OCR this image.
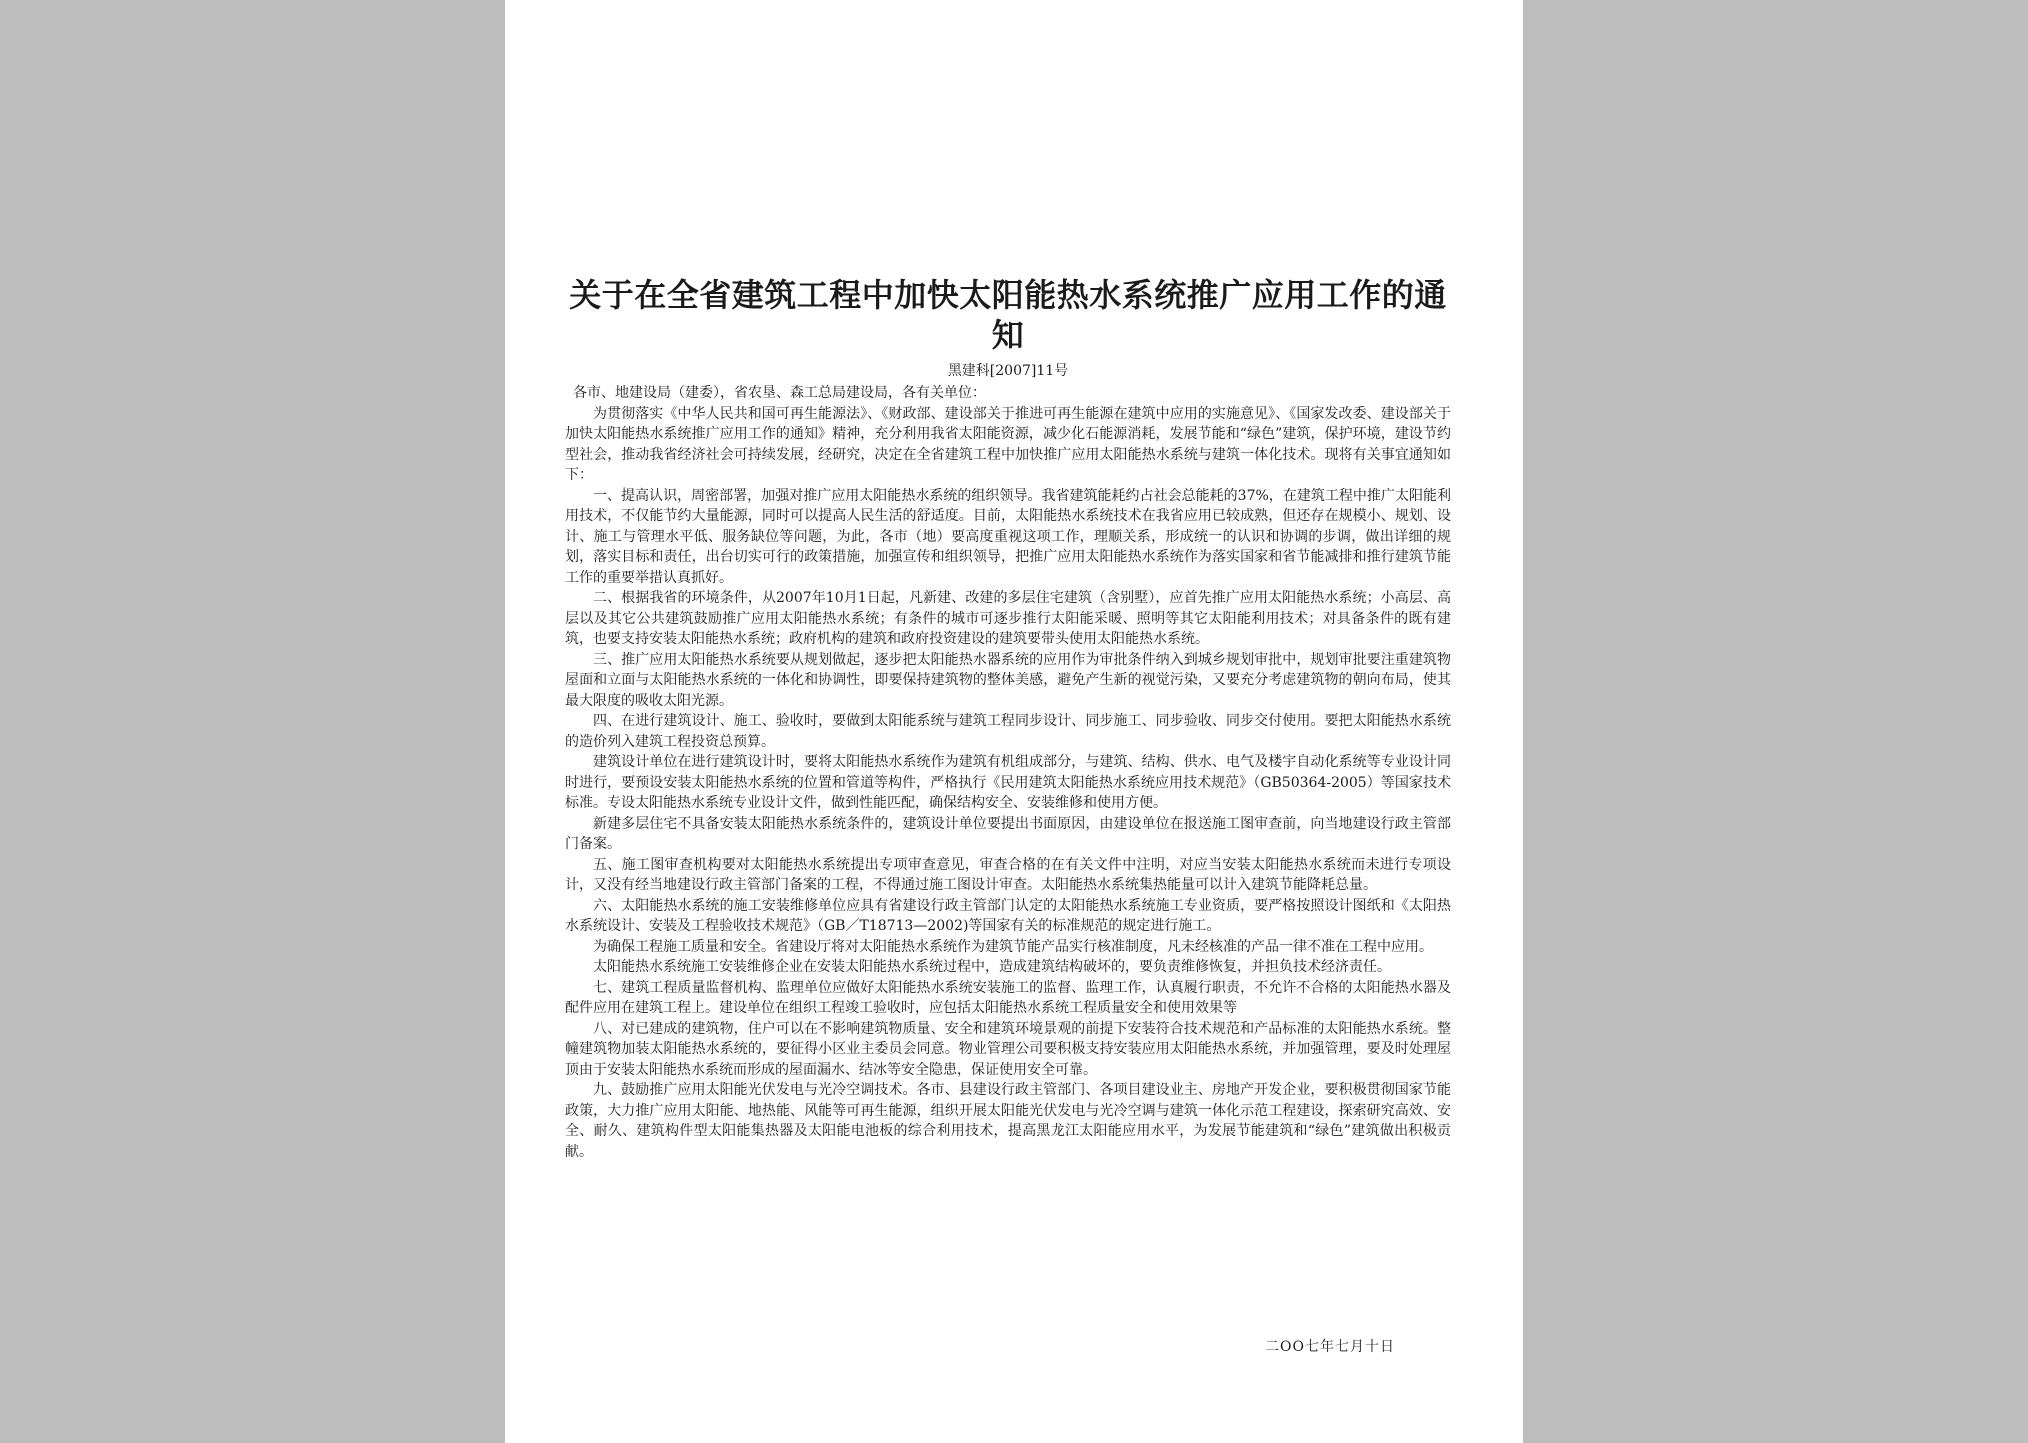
关于在全省建筑工程中加快太阳能热水系统推广应用工作的通知
黑建科[2007]11号

各市、地建设局（建委），省农垦、森工总局建设局，各有关单位：

为贯彻落实《中华人民共和国可再生能源法》、《财政部、建设部关于推进可再生能源在建筑中应用的实施意见》、《国家发改委、建设部关于加快太阳能热水系统推广应用工作的通知》精神，充分利用我省太阳能资源，减少化石能源消耗，发展节能和“绿色”建筑，保护环境，建设节约型社会，推动我省经济社会可持续发展，经研究，决定在全省建筑工程中加快推广应用太阳能热水系统与建筑一体化技术。现将有关事宜通知如下：

一、提高认识，周密部署，加强对推广应用太阳能热水系统的组织领导。我省建筑能耗约占社会总能耗的37%，在建筑工程中推广太阳能利用技术，不仅能节约大量能源，同时可以提高人民生活的舒适度。目前，太阳能热水系统技术在我省应用已较成熟，但还存在规模小、规划、设计、施工与管理水平低、服务缺位等问题，为此，各市（地）要高度重视这项工作，理顺关系，形成统一的认识和协调的步调，做出详细的规划，落实目标和责任，出台切实可行的政策措施，加强宣传和组织领导，把推广应用太阳能热水系统作为落实国家和省节能减排和推行建筑节能工作的重要举措认真抓好。

二、根据我省的环境条件，从2007年10月1日起，凡新建、改建的多层住宅建筑（含别墅），应首先推广应用太阳能热水系统；小高层、高层以及其它公共建筑鼓励推广应用太阳能热水系统；有条件的城市可逐步推行太阳能采暖、照明等其它太阳能利用技术；对具备条件的既有建筑，也要支持安装太阳能热水系统；政府机构的建筑和政府投资建设的建筑要带头使用太阳能热水系统。

三、推广应用太阳能热水系统要从规划做起，逐步把太阳能热水器系统的应用作为审批条件纳入到城乡规划审批中，规划审批要注重建筑物屋面和立面与太阳能热水系统的一体化和协调性，即要保持建筑物的整体美感，避免产生新的视觉污染，又要充分考虑建筑物的朝向布局，使其最大限度的吸收太阳光源。

四、在进行建筑设计、施工、验收时，要做到太阳能系统与建筑工程同步设计、同步施工、同步验收、同步交付使用。要把太阳能热水系统的造价列入建筑工程投资总预算。

建筑设计单位在进行建筑设计时，要将太阳能热水系统作为建筑有机组成部分，与建筑、结构、供水、电气及楼宇自动化系统等专业设计同时进行，要预设安装太阳能热水系统的位置和管道等构件，严格执行《民用建筑太阳能热水系统应用技术规范》（GB50364-2005）等国家技术标准。专设太阳能热水系统专业设计文件，做到性能匹配，确保结构安全、安装维修和使用方便。

新建多层住宅不具备安装太阳能热水系统条件的，建筑设计单位要提出书面原因，由建设单位在报送施工图审查前，向当地建设行政主管部门备案。

五、施工图审查机构要对太阳能热水系统提出专项审查意见，审查合格的在有关文件中注明，对应当安装太阳能热水系统而未进行专项设计，又没有经当地建设行政主管部门备案的工程，不得通过施工图设计审查。太阳能热水系统集热能量可以计入建筑节能降耗总量。

六、太阳能热水系统的施工安装维修单位应具有省建设行政主管部门认定的太阳能热水系统施工专业资质，要严格按照设计图纸和《太阳热水系统设计、安装及工程验收技术规范》（GB／T18713—2002)等国家有关的标准规范的规定进行施工。

为确保工程施工质量和安全。省建设厅将对太阳能热水系统作为建筑节能产品实行核准制度，凡未经核准的产品一律不准在工程中应用。

太阳能热水系统施工安装维修企业在安装太阳能热水系统过程中，造成建筑结构破坏的，要负责维修恢复，并担负技术经济责任。

七、建筑工程质量监督机构、监理单位应做好太阳能热水系统安装施工的监督、监理工作，认真履行职责，不允许不合格的太阳能热水器及配件应用在建筑工程上。建设单位在组织工程竣工验收时，应包括太阳能热水系统工程质量安全和使用效果等

八、对已建成的建筑物，住户可以在不影响建筑物质量、安全和建筑环境景观的前提下安装符合技术规范和产品标准的太阳能热水系统。整幢建筑物加装太阳能热水系统的，要征得小区业主委员会同意。物业管理公司要积极支持安装应用太阳能热水系统，并加强管理，要及时处理屋顶由于安装太阳能热水系统而形成的屋面漏水、结冰等安全隐患，保证使用安全可靠。

九、鼓励推广应用太阳能光伏发电与光冷空调技术。各市、县建设行政主管部门、各项目建设业主、房地产开发企业，要积极贯彻国家节能政策，大力推广应用太阳能、地热能、风能等可再生能源，组织开展太阳能光伏发电与光冷空调与建筑一体化示范工程建设，探索研究高效、安全、耐久、建筑构件型太阳能集热器及太阳能电池板的综合利用技术，提高黑龙江太阳能应用水平，为发展节能建筑和“绿色”建筑做出积极贡献。

二OO七年七月十日
